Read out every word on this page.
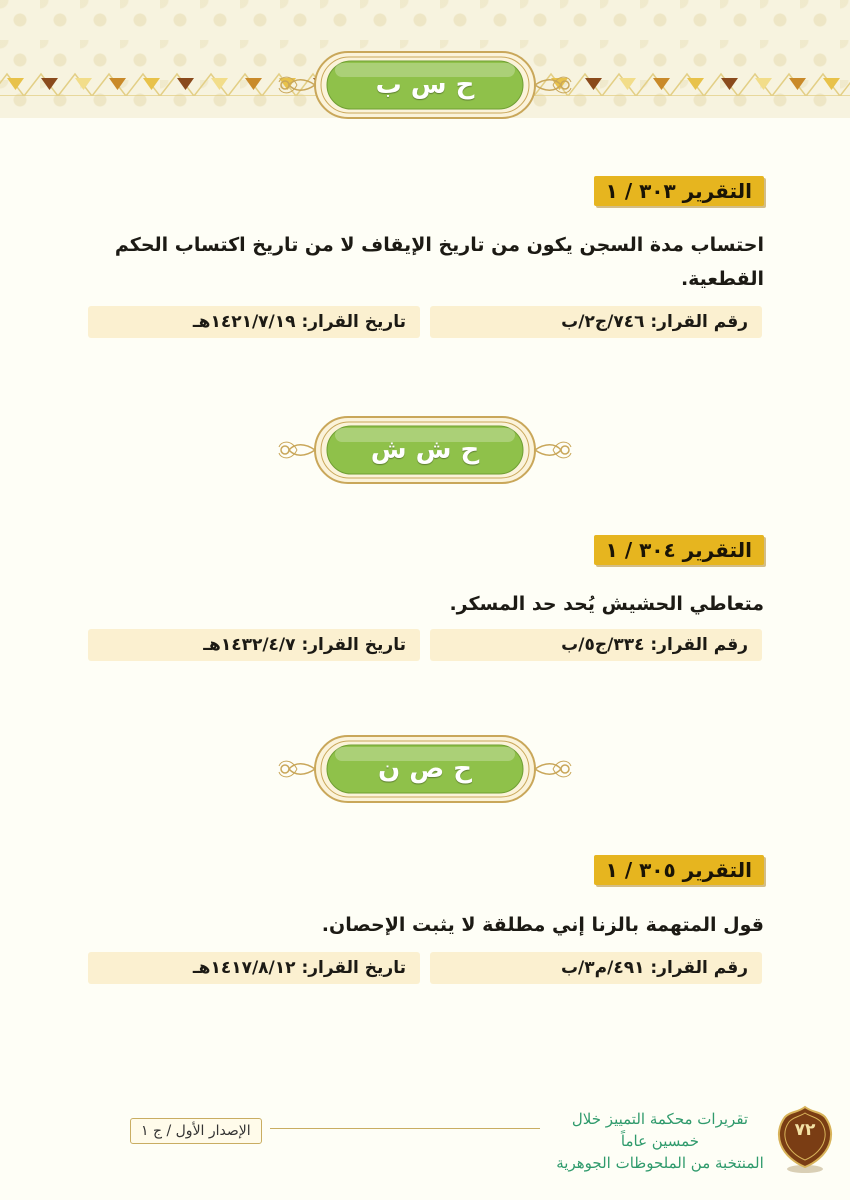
ح س ب
التقرير ٣٠٣ / ١
احتساب مدة السجن يكون من تاريخ الإيقاف لا من تاريخ اكتساب الحكم القطعية.
رقم القرار: ٧٤٦/ج٢/ب
تاريخ القرار: ١٤٢١/٧/١٩هـ
ح ش ش
التقرير ٣٠٤ / ١
متعاطي الحشيش يُحد حد المسكر.
رقم القرار: ٣٣٤/ج٥/ب
تاريخ القرار: ١٤٣٢/٤/٧هـ
ح ص ن
التقرير ٣٠٥ / ١
قول المتهمة بالزنا إني مطلقة لا يثبت الإحصان.
رقم القرار: ٤٩١/م٣/ب
تاريخ القرار: ١٤١٧/٨/١٢هـ
الإصدار الأول / ج ١
تقريرات محكمة التمييز خلال خمسين عاماً
المنتخبة من الملحوظات الجوهرية
٧٢
